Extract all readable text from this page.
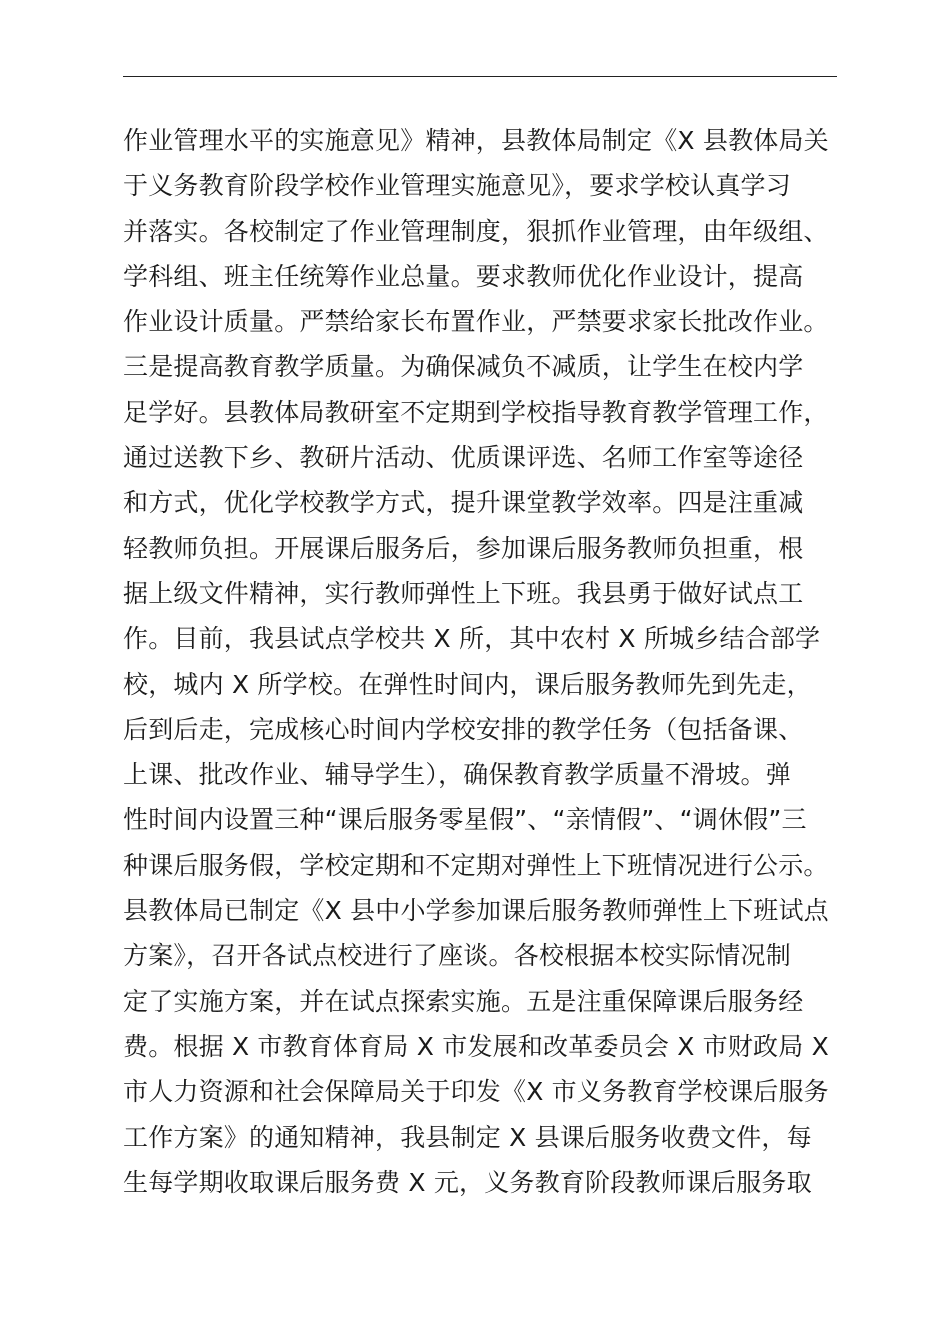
作业管理水平的实施意见》精神，县教体局制定《X 县教体局关
于义务教育阶段学校作业管理实施意见》，要求学校认真学习
并落实。各校制定了作业管理制度，狠抓作业管理，由年级组、
学科组、班主任统筹作业总量。要求教师优化作业设计，提高
作业设计质量。严禁给家长布置作业，严禁要求家长批改作业。
三是提高教育教学质量。为确保减负不减质，让学生在校内学
足学好。县教体局教研室不定期到学校指导教育教学管理工作，
通过送教下乡、教研片活动、优质课评选、名师工作室等途径
和方式，优化学校教学方式，提升课堂教学效率。四是注重减
轻教师负担。开展课后服务后，参加课后服务教师负担重，根
据上级文件精神，实行教师弹性上下班。我县勇于做好试点工
作。目前，我县试点学校共 X 所，其中农村 X 所城乡结合部学
校，城内 X 所学校。在弹性时间内，课后服务教师先到先走，
后到后走，完成核心时间内学校安排的教学任务（包括备课、
上课、批改作业、辅导学生），确保教育教学质量不滑坡。弹
性时间内设置三种“课后服务零星假”、“亲情假”、“调休假”三
种课后服务假，学校定期和不定期对弹性上下班情况进行公示。
县教体局已制定《X 县中小学参加课后服务教师弹性上下班试点
方案》，召开各试点校进行了座谈。各校根据本校实际情况制
定了实施方案，并在试点探索实施。五是注重保障课后服务经
费。根据 X 市教育体育局 X 市发展和改革委员会 X 市财政局 X
市人力资源和社会保障局关于印发《X 市义务教育学校课后服务
工作方案》的通知精神，我县制定 X 县课后服务收费文件，每
生每学期收取课后服务费 X 元，义务教育阶段教师课后服务取
